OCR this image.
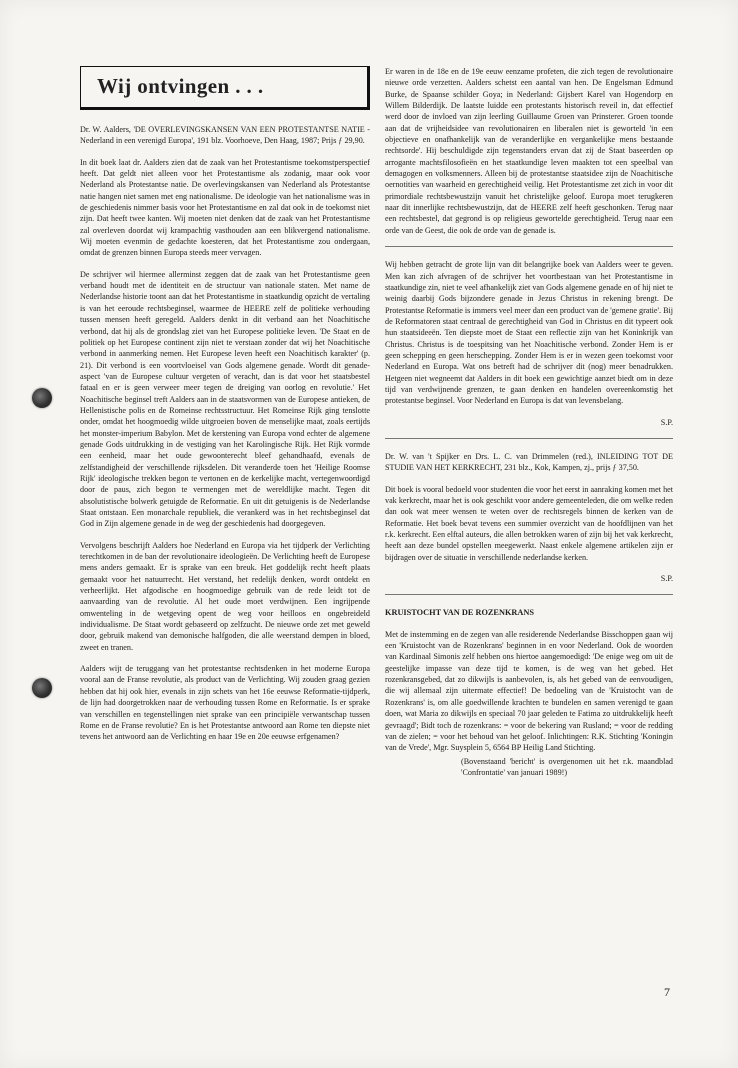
Wij ontvingen . . .

Dr. W. Aalders, 'DE OVERLEVINGSKANSEN VAN EEN PROTESTANTSE NATIE - Nederland in een verenigd Europa', 191 blz. Voorhoeve, Den Haag, 1987; Prijs ƒ 29,90.

In dit boek laat dr. Aalders zien dat de zaak van het Protestantisme toekomstperspectief heeft. Dat geldt niet alleen voor het Protestantisme als zodanig, maar ook voor Nederland als Protestantse natie. De overlevingskansen van Nederland als Protestantse natie hangen niet samen met eng nationalisme. De ideologie van het nationalisme was in de geschiedenis nimmer basis voor het Protestantisme en zal dat ook in de toekomst niet zijn. Dat heeft twee kanten. Wij moeten niet denken dat de zaak van het Protestantisme zal overleven doordat wij krampachtig vasthouden aan een blikvergend nationalisme. Wij moeten evenmin de gedachte koesteren, dat het Protestantisme zou ondergaan, omdat de grenzen binnen Europa steeds meer vervagen.

De schrijver wil hiermee allerminst zeggen dat de zaak van het Protestantisme geen verband houdt met de identiteit en de structuur van nationale staten. Met name de Nederlandse historie toont aan dat het Protestantisme in staatkundig opzicht de vertaling is van het eeroude rechtsbeginsel, waarmee de HEERE zelf de politieke verhouding tussen mensen heeft geregeld. Aalders denkt in dit verband aan het Noachitische verbond, dat hij als de grondslag ziet van het Europese politieke leven. 'De Staat en de politiek op het Europese continent zijn niet te verstaan zonder dat wij het Noachitische verbond in aanmerking nemen. Het Europese leven heeft een Noachitisch karakter' (p. 21). Dit verbond is een voortvloeisel van Gods algemene genade. Wordt dit genade-aspect 'van de Europese cultuur vergeten of veracht, dan is dat voor het staatsbestel fataal en er is geen verweer meer tegen de dreiging van oorlog en revolutie.' Het Noachitische beginsel treft Aalders aan in de staatsvormen van de Europese antieken, de Hellenistische polis en de Romeinse rechtsstructuur. Het Romeinse Rijk ging tenslotte onder, omdat het hoogmoedig wilde uitgroeien boven de menselijke maat, zoals eertijds het monster-imperium Babylon. Met de kerstening van Europa vond echter de algemene genade Gods uitdrukking in de vestiging van het Karolingische Rijk. Het Rijk vormde een eenheid, maar het oude gewoonterecht bleef gehandhaafd, evenals de zelfstandigheid der verschillende rijksdelen. Dit veranderde toen het 'Heilige Roomse Rijk' ideologische trekken begon te vertonen en de kerkelijke macht, vertegenwoordigd door de paus, zich begon te vermengen met de wereldlijke macht. Tegen dit absolutistische bolwerk getuigde de Reformatie. En uit dit getuigenis is de Nederlandse Staat ontstaan. Een monarchale republiek, die verankerd was in het rechtsbeginsel dat God in Zijn algemene genade in de weg der geschiedenis had doorgegeven.

Vervolgens beschrijft Aalders hoe Nederland en Europa via het tijdperk der Verlichting terechtkomen in de ban der revolutionaire ideologieën. De Verlichting heeft de Europese mens anders gemaakt. Er is sprake van een breuk. Het goddelijk recht heeft plaats gemaakt voor het natuurrecht. Het verstand, het redelijk denken, wordt ontdekt en verheerlijkt. Het afgodische en hoogmoedige gebruik van de rede leidt tot de aanvaarding van de revolutie. Al het oude moet verdwijnen. Een ingrijpende omwenteling in de wetgeving opent de weg voor heilloos en ongebreideld individualisme. De Staat wordt gebaseerd op zelfzucht. De nieuwe orde zet met geweld door, gebruik makend van demonische halfgoden, die alle weerstand dempen in bloed, zweet en tranen.

Aalders wijt de teruggang van het protestantse rechtsdenken in het moderne Europa vooral aan de Franse revolutie, als product van de Verlichting. Wij zouden graag gezien hebben dat hij ook hier, evenals in zijn schets van het 16e eeuwse Reformatie-tijdperk, de lijn had doorgetrokken naar de verhouding tussen Rome en Reformatie. Is er sprake van verschillen en tegenstellingen niet sprake van een principiële verwantschap tussen Rome en de Franse revolutie? En is het Protestantse antwoord aan Rome ten diepste niet tevens het antwoord aan de Verlichting en haar 19e en 20e eeuwse erfgenamen?

Er waren in de 18e en de 19e eeuw eenzame profeten, die zich tegen de revolutionaire nieuwe orde verzetten. Aalders schetst een aantal van hen. De Engelsman Edmund Burke, de Spaanse schilder Goya; in Nederland: Gijsbert Karel van Hogendorp en Willem Bilderdijk. De laatste luidde een protestants historisch reveil in, dat effectief werd door de invloed van zijn leerling Guillaume Groen van Prinsterer. Groen toonde aan dat de vrijheidsidee van revolutionairen en liberalen niet is geworteld 'in een objectieve en onafhankelijk van de veranderlijke en vergankelijke mens bestaande rechtsorde'. Hij beschuldigde zijn tegenstanders ervan dat zij de Staat baseerden op arrogante machtsfilosofieën en het staatkundige leven maakten tot een speelbal van demagogen en volksmenners. Alleen bij de protestantse staatsidee zijn de Noachitische oernotities van waarheid en gerechtigheid veilig. Het Protestantisme zet zich in voor dit primordiale rechtsbewustzijn vanuit het christelijke geloof. Europa moet terugkeren naar dit innerlijke rechtsbewustzijn, dat de HEERE zelf heeft geschonken. Terug naar een rechtsbestel, dat gegrond is op religieus gewortelde gerechtigheid. Terug naar een orde van de Geest, die ook de orde van de genade is.

Wij hebben getracht de grote lijn van dit belangrijke boek van Aalders weer te geven. Men kan zich afvragen of de schrijver het voortbestaan van het Protestantisme in staatkundige zin, niet te veel afhankelijk ziet van Gods algemene genade en of hij niet te weinig daarbij Gods bijzondere genade in Jezus Christus in rekening brengt. De Protestantse Reformatie is immers veel meer dan een product van de 'gemene gratie'. Bij de Reformatoren staat centraal de gerechtigheid van God in Christus en dit typeert ook hun staatsideeën. Ten diepste moet de Staat een reflectie zijn van het Koninkrijk van Christus. Christus is de toespitsing van het Noachitische verbond. Zonder Hem is er geen schepping en geen herschepping. Zonder Hem is er in wezen geen toekomst voor Nederland en Europa. Wat ons betreft had de schrijver dit (nog) meer benadrukken. Hetgeen niet wegneemt dat Aalders in dit boek een gewichtige aanzet biedt om in deze tijd van verdwijnende grenzen, te gaan denken en handelen overeenkomstig het protestantse beginsel. Voor Nederland en Europa is dat van levensbelang.

S.P.

Dr. W. van 't Spijker en Drs. L. C. van Drimmelen (red.), INLEIDING TOT DE STUDIE VAN HET KERKRECHT, 231 blz., Kok, Kampen, zj., prijs ƒ 37,50.

Dit boek is vooral bedoeld voor studenten die voor het eerst in aanraking komen met het vak kerkrecht, maar het is ook geschikt voor andere gemeenteleden, die om welke reden dan ook wat meer wensen te weten over de rechtsregels binnen de kerken van de Reformatie. Het boek bevat tevens een summier overzicht van de hoofdlijnen van het r.k. kerkrecht. Een elftal auteurs, die allen betrokken waren of zijn bij het vak kerkrecht, heeft aan deze bundel opstellen meegewerkt. Naast enkele algemene artikelen zijn er bijdragen over de situatie in verschillende nederlandse kerken.

S.P.

KRUISTOCHT VAN DE ROZENKRANS

Met de instemming en de zegen van alle residerende Nederlandse Bisschoppen gaan wij een 'Kruistocht van de Rozenkrans' beginnen in en voor Nederland. Ook de woorden van Kardinaal Simonis zelf hebben ons hiertoe aangemoedigd: 'De enige weg om uit de geestelijke impasse van deze tijd te komen, is de weg van het gebed. Het rozenkransgebed, dat zo dikwijls is aanbevolen, is, als het gebed van de eenvoudigen, die wij allemaal zijn uitermate effectief! De bedoeling van de 'Kruistocht van de Rozenkrans' is, om alle goedwillende krachten te bundelen en samen verenigd te gaan doen, wat Maria zo dikwijls en speciaal 70 jaar geleden te Fatima zo uitdrukkelijk heeft gevraagd'; Bidt toch de rozenkrans: = voor de bekering van Rusland; = voor de redding van de zielen; = voor het behoud van het geloof. Inlichtingen: R.K. Stichting 'Koningin van de Vrede', Mgr. Suysplein 5, 6564 BP Heilig Land Stichting.

(Bovenstaand 'bericht' is overgenomen uit het r.k. maandblad 'Confrontatie' van januari 1989!)

7
